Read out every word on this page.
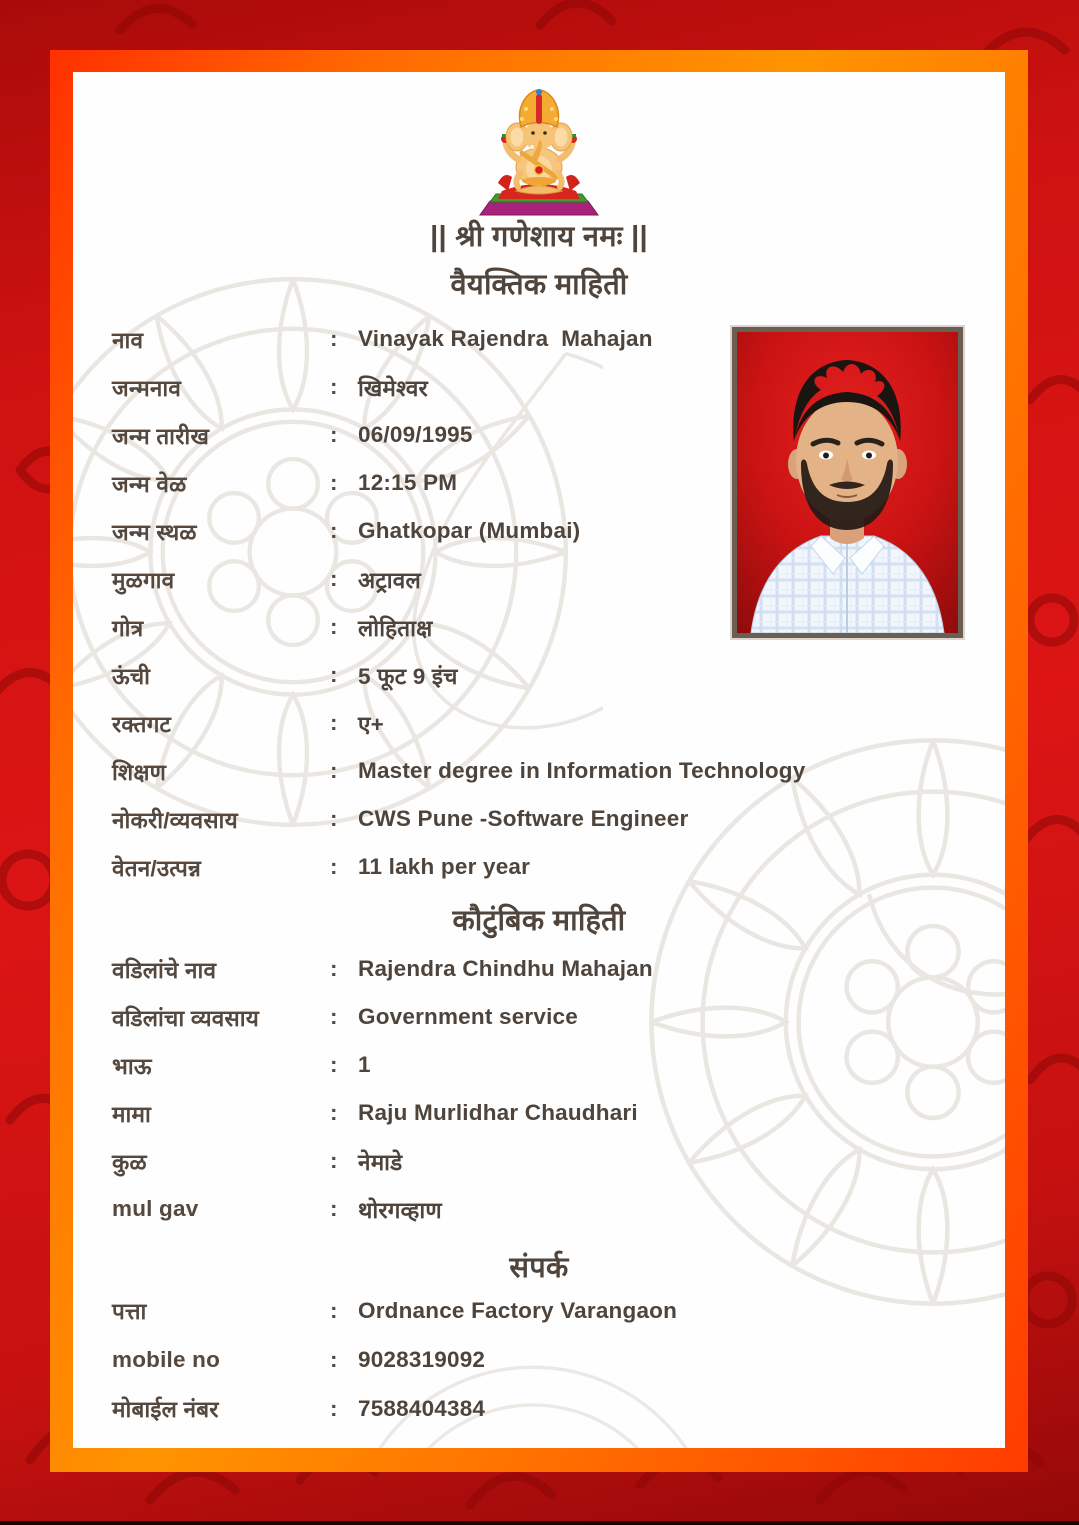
|| श्री गणेशाय नमः ||
वैयक्तिक माहिती
नाव	: Vinayak Rajendra  Mahajan
जन्मनाव	: खिमेश्वर
जन्म तारीख	: 06/09/1995
जन्म वेळ	: 12:15 PM
जन्म स्थळ	: Ghatkopar (Mumbai)
मुळगाव	: अट्रावल
गोत्र	: लोहिताक्ष
ऊंची	: 5 फूट 9 इंच
रक्तगट	: ए+
शिक्षण	: Master degree in Information Technology
नोकरी/व्यवसाय	: CWS Pune -Software Engineer
वेतन/उत्पन्न	: 11 lakh per year
कौटुंबिक माहिती
वडिलांचे नाव	: Rajendra Chindhu Mahajan
वडिलांचा व्यवसाय	: Government service
भाऊ	: 1
मामा	: Raju Murlidhar Chaudhari
कुळ	: नेमाडे
mul gav	: थोरगव्हाण
संपर्क
पत्ता	: Ordnance Factory Varangaon
mobile no	: 9028319092
मोबाईल नंबर	: 7588404384
